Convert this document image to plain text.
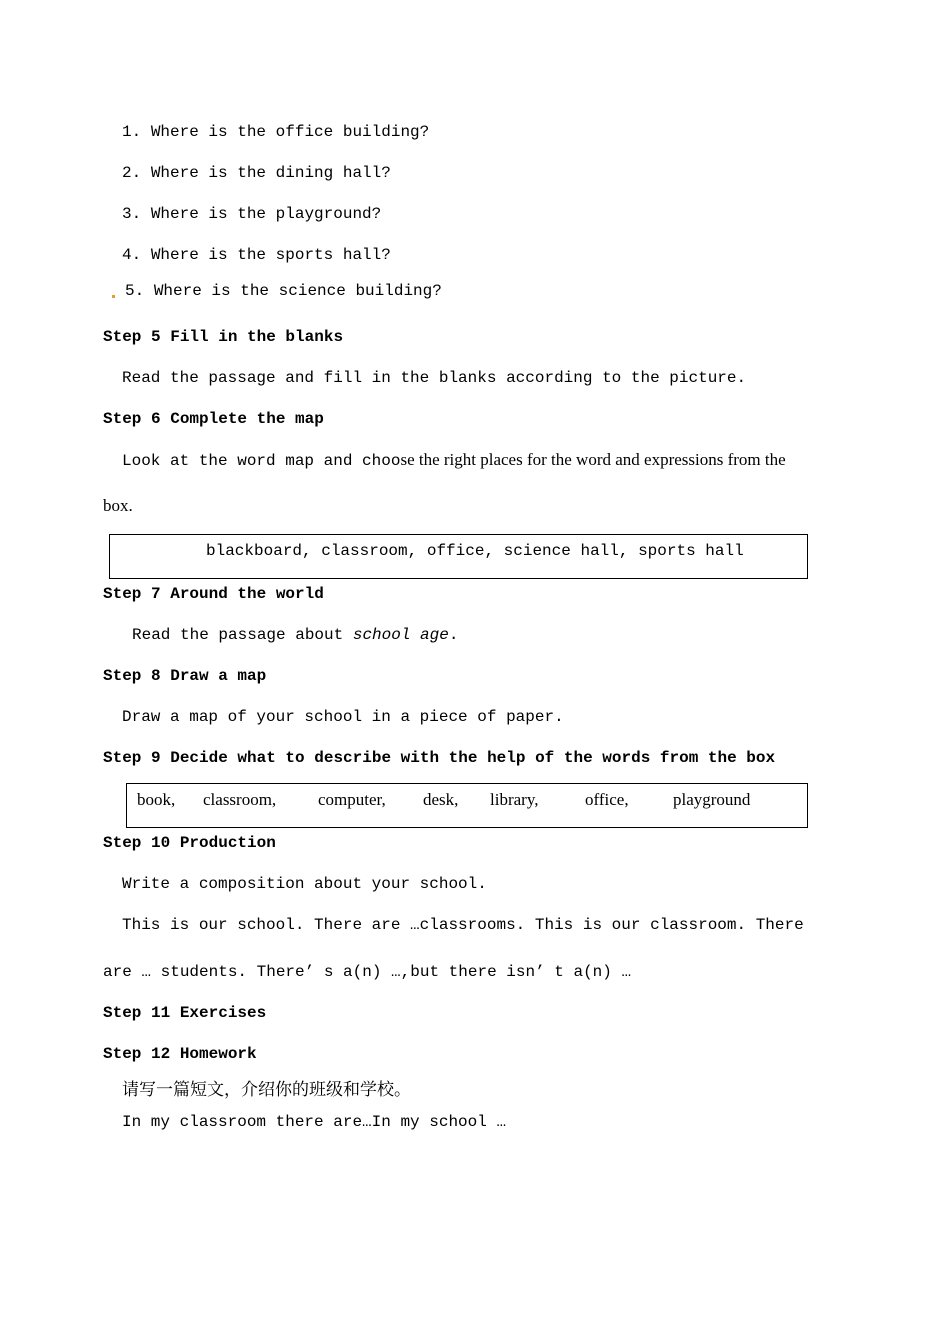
1. Where is the office building?
2. Where is the dining hall?
3. Where is the playground?
4. Where is the sports hall?
5. Where is the science building?
Step 5 Fill in the blanks
Read the passage and fill in the blanks according to the picture.
Step 6 Complete the map
Look at the word map and choose the right places for the word and expressions from the
box.
blackboard, classroom, office, science hall, sports hall
Step 7 Around the world
Read the passage about school age.
Step 8 Draw a map
Draw a map of your school in a piece of paper.
Step 9 Decide what to describe with the help of the words from the box
book, classroom, computer, desk, library,	office,	playground
Step 10 Production
Write a composition about your school.
This is our school. There are …classrooms. This is our classroom. There
are … students. There’ s a(n) …,but there isn’ t a(n) …
Step 11 Exercises
Step 12 Homework
请写一篇短文，介绍你的班级和学校。
In my classroom there are…In my school …
